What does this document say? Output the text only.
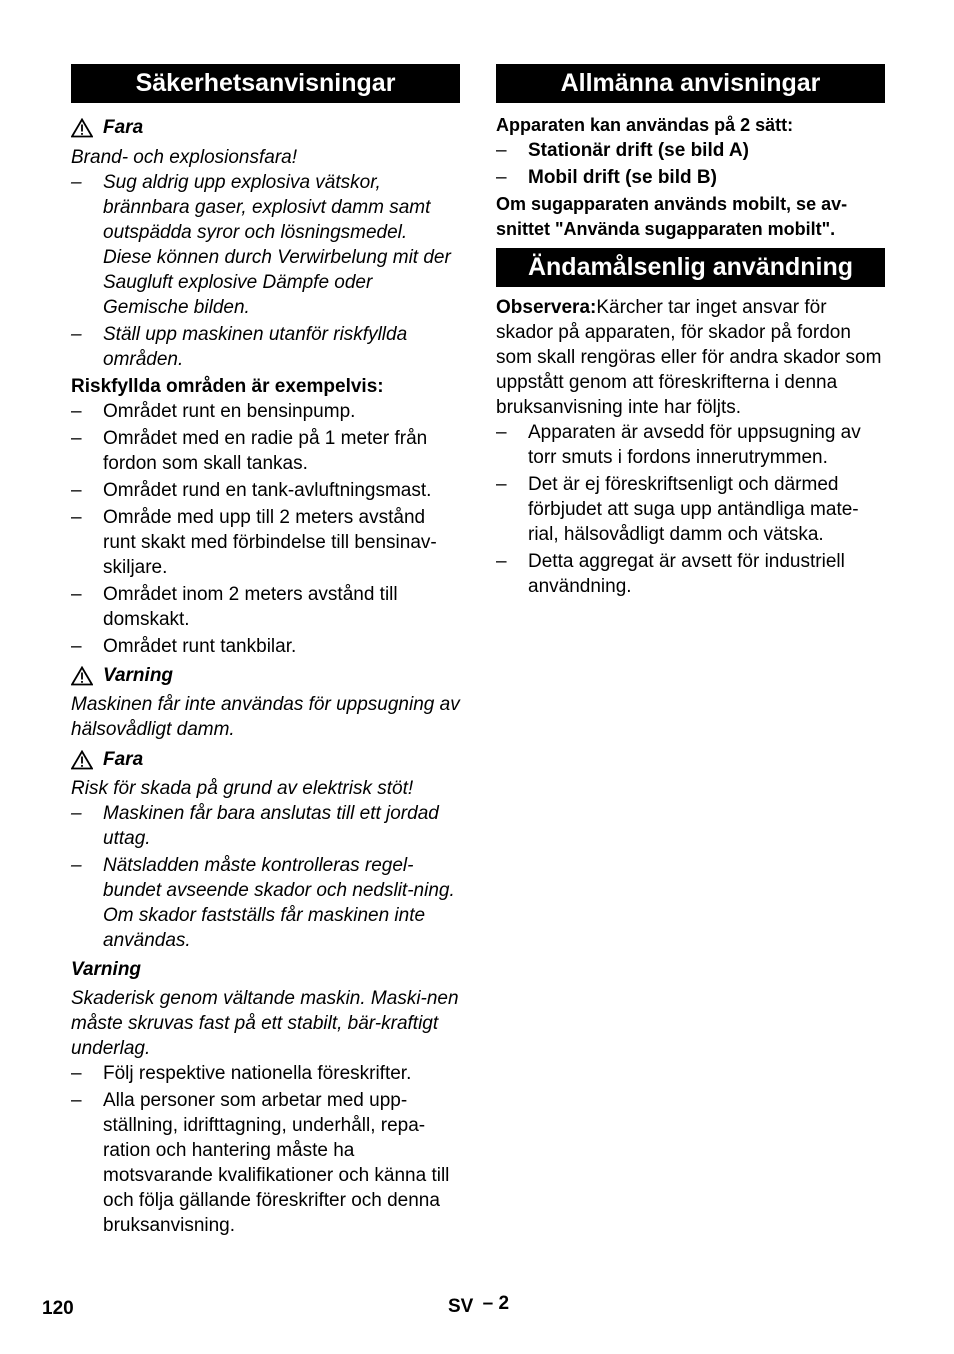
Säkerhetsanvisningar
Fara

Brand- och explosionsfara!

– Sug aldrig upp explosiva vätskor, brännbara gaser, explosivt damm samt outspädda syror och lösningsmedel. Diese können durch Verwirbelung mit der Saugluft explosive Dämpfe oder Gemische bilden.
– Ställ upp maskinen utanför riskfyllda områden.

Riskfyllda områden är exempelvis:

– Området runt en bensinpump.
– Området med en radie på 1 meter från fordon som skall tankas.
– Området rund en tank-avluftningsmast.
– Område med upp till 2 meters avstånd runt skakt med förbindelse till bensinav-skiljare.
– Området inom 2 meters avstånd till domskakt.
– Området runt tankbilar.
Varning

Maskinen får inte användas för uppsugning av hälsovådligt damm.

Fara

Risk för skada på grund av elektrisk stöt!

– Maskinen får bara anslutas till ett jordad uttag.
– Nätsladden måste kontrolleras regel-bundet avseende skador och nedslit-ning. Om skador fastställs får maskinen inte användas.

Varning

Skaderisk genom vältande maskin. Maski-nen måste skruvas fast på ett stabilt, bär-kraftigt underlag.

– Följ respektive nationella föreskrifter.
– Alla personer som arbetar med upp-ställning, idrifttagning, underhåll, repa-ration och hantering måste ha motsvarande kvalifikationer och känna till och följa gällande föreskrifter och denna bruksanvisning.
Allmänna anvisningar

Apparaten kan användas på 2 sätt:

– Stationär drift (se bild A)
– Mobil drift (se bild B)

Om sugapparaten används mobilt, se av-snittet "Använda sugapparaten mobilt".

Ändamålsenlig användning

Observera:Kärcher tar inget ansvar för skador på apparaten, för skador på fordon som skall rengöras eller för andra skador som uppstått genom att föreskrifterna i denna bruksanvisning inte har följts.

– Apparaten är avsedd för uppsugning av torr smuts i fordons innerutrymmen.
– Det är ej föreskriftsenligt och därmed förbjudet att suga upp antändliga mate-rial, hälsovådligt damm och vätska.
– Detta aggregat är avsett för industriell användning.
120	SV – 2
